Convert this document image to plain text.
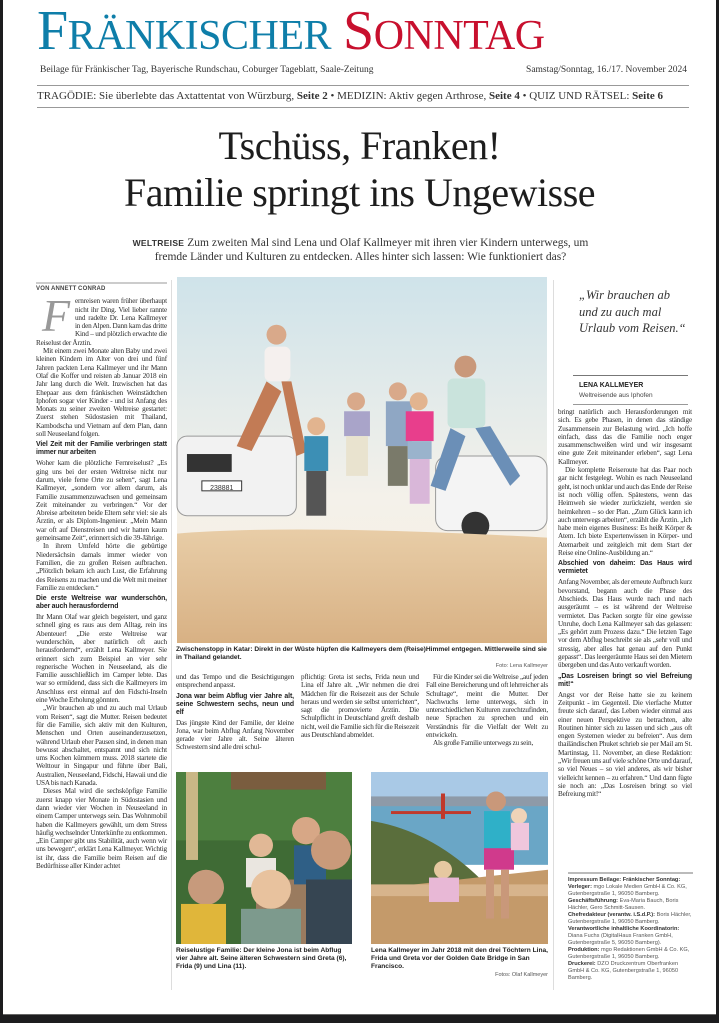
FRÄNKISCHER SONNTAG
Beilage für Fränkischer Tag, Bayerische Rundschau, Coburger Tageblatt, Saale-Zeitung	Samstag/Sonntag, 16./17. November 2024
TRAGÖDIE: Sie überlebte das Axtattentat von Würzburg, Seite 2 • MEDIZIN: Aktiv gegen Arthrose, Seite 4 • QUIZ UND RÄTSEL: Seite 6
Tschüss, Franken!
Familie springt ins Ungewisse
WELTREISE Zum zweiten Mal sind Lena und Olaf Kallmeyer mit ihren vier Kindern unterwegs, um fremde Länder und Kulturen zu entdecken. Alles hinter sich lassen: Wie funktioniert das?
VON ANNETT CONRAD
F ernreisen waren früher überhaupt nicht ihr Ding. Viel lieber rannte und radelte Dr. Lena Kallmeyer in den Alpen. Dann kam das dritte Kind – und plötzlich erwachte die Reiselust der Ärztin.

Mit einem zwei Monate alten Baby und zwei kleinen Kindern im Alter von drei und fünf Jahren packten Lena Kallmeyer und ihr Mann Olaf die Koffer und reisten ab Januar 2018 ein Jahr lang durch die Welt. Inzwischen hat das Ehepaar aus dem fränkischen Weinstädtchen Iphofen sogar vier Kinder - und ist Anfang des Monats zu seiner zweiten Weltreise gestartet: Zuerst stehen Südostasien mit Thailand, Kambodscha und Vietnam auf dem Plan, dann soll Neuseeland folgen.

Viel Zeit mit der Familie verbringen statt immer nur arbeiten

Woher kam die plötzliche Fernreiselust? „Es ging uns bei der ersten Weltreise nicht nur darum, viele ferne Orte zu sehen“, sagt Lena Kallmeyer, „sondern vor allem darum, als Familie zusammenzuwachsen und gemeinsam Zeit miteinander zu verbringen.“ Vor der Abreise arbeiteten beide Eltern sehr viel: sie als Ärztin, er als Diplom-Ingenieur. „Mein Mann war oft auf Dienstreisen und wir hatten kaum gemeinsame Zeit“, erinnert sich die 39-Jährige.

In ihrem Umfeld hörte die gebürtige Niedersächsin damals immer wieder von Familien, die zu großen Reisen aufbrachen. „Plötzlich bekam ich auch Lust, die Erfahrung des Reisens zu machen und die Welt mit meiner Familie zu entdecken.“

Die erste Weltreise war wunderschön, aber auch herausfordernd

Ihr Mann Olaf war gleich begeistert, und ganz schnell ging es raus aus dem Alltag, rein ins Abenteuer! „Die erste Weltreise war wunderschön, aber natürlich oft auch herausfordernd“, erzählt Lena Kallmeyer. Sie erinnert sich zum Beispiel an vier sehr regnerische Wochen in Neuseeland, als die Familie ausschließlich im Camper lebte. Das war so ermüdend, dass sich die Kallmeyers im Anschluss erst einmal auf den Fidschi-Inseln eine Woche Erholung gönnten.

„Wir brauchen ab und zu auch mal Urlaub vom Reisen“, sagt die Mutter. Reisen bedeutet für die Familie, sich aktiv mit den Kulturen, Menschen und Orten auseinanderzusetzen, während Urlaub eher Pausen sind, in denen man bewusst abschaltet, entspannt und sich nicht ums Kochen kümmern muss. 2018 startete die Welttour in Singapur und führte über Bali, Australien, Neuseeland, Fidschi, Hawaii und die USA bis nach Kanada.

Dieses Mal wird die sechsköpfige Familie zuerst knapp vier Monate in Südostasien und dann wieder vier Wochen in Neuseeland in einem Camper unterwegs sein. Das Wohnmobil haben die Kallmeyers gewählt, um dem Stress häufig wechselnder Unterkünfte zu entkommen. „Ein Camper gibt uns Stabilität, auch wenn wir uns bewegen“, erklärt Lena Kallmeyer. Wichtig ist ihr, dass die Familie beim Reisen auf die Bedürfnisse aller Kinder achtet

238881
Zwischenstopp in Katar: Direkt in der Wüste hüpfen die Kallmeyers dem (Reise)Himmel entgegen. Mittlerweile sind sie in Thailand gelandet.
Foto: Lena Kallmeyer

und das Tempo und die Besichtigungen entsprechend anpasst.

Jona war beim Abflug vier Jahre alt, seine Schwestern sechs, neun und elf

Das jüngste Kind der Familie, der kleine Jona, war beim Abflug Anfang November gerade vier Jahre alt. Seine älteren Schwestern sind alle drei schul-

pflichtig: Greta ist sechs, Frida neun und Lina elf Jahre alt. „Wir nehmen die drei Mädchen für die Reisezeit aus der Schule heraus und werden sie selbst unterrichten“, sagt die promovierte Ärztin. Die Schulpflicht in Deutschland greift deshalb nicht, weil die Familie sich für die Reisezeit aus Deutschland abmeldet.

Für die Kinder sei die Weltreise „auf jeden Fall eine Bereicherung und oft lehrreicher als Schultage“, meint die Mutter. Der Nachwuchs lerne unterwegs, sich in unterschiedlichen Kulturen zurechtzufinden, neue Sprachen zu sprechen und ein Verständnis für die Vielfalt der Welt zu entwickeln.

Als große Familie unterwegs zu sein,

Reiselustige Familie: Der kleine Jona ist beim Abflug vier Jahre alt. Seine älteren Schwestern sind Greta (6), Frida (9) und Lina (11).
Lena Kallmeyer im Jahr 2018 mit den drei Töchtern Lina, Frida und Greta vor der Golden Gate Bridge in San Francisco.
Fotos: Olaf Kallmeyer
„Wir brauchen ab und zu auch mal Urlaub vom Reisen.“
LENA KALLMEYER
Weltreisende aus Iphofen

bringt natürlich auch Herausforderungen mit sich. Es gebe Phasen, in denen das ständige Zusammensein zur Belastung wird. „Ich hoffe einfach, dass das die Familie noch enger zusammenschweißen wird und wir insgesamt eine gute Zeit miteinander erleben“, sagt Lena Kallmeyer.

Die komplette Reiseroute hat das Paar noch gar nicht festgelegt. Wohin es nach Neuseeland geht, ist noch unklar und auch das Ende der Reise ist noch völlig offen. Spätestens, wenn das Heimweh sie wieder zurückzieht, werden sie heimkehren – so der Plan. „Zum Glück kann ich auch unterwegs arbeiten“, erzählt die Ärztin. „Ich habe mein eigenes Business: Es heißt Körper & Atem. Ich biete Expertenwissen in Körper- und Atemarbeit und zeitgleich mit dem Start der Reise eine Online-Ausbildung an.“

Abschied von daheim: Das Haus wird vermietet

Anfang November, als der erneute Aufbruch kurz bevorstand, begann auch die Phase des Abschieds. Das Haus wurde nach und nach ausgeräumt – es ist während der Weltreise vermietet. Das Packen sorgte für eine gewisse Unruhe, doch Lena Kallmeyer sah das gelassen: „Es gehört zum Prozess dazu.“ Die letzten Tage vor dem Abflug beschreibt sie als „sehr voll und stressig, aber alles hat genau auf den Punkt gepasst“. Das leergeräumte Haus sei den Mietern übergeben und das Auto verkauft worden.

„Das Losreisen bringt so viel Befreiung mit!“

Angst vor der Reise hatte sie zu keinem Zeitpunkt - im Gegenteil. Die vierfache Mutter freute sich darauf, das Leben wieder einmal aus einer neuen Perspektive zu betrachten, alte Routinen hinter sich zu lassen und sich „aus oft engen Systemen wieder zu befreien“. Aus dem thailändischen Phuket schrieb sie per Mail am St. Martinstag, 11. November, an diese Redaktion: „Wir freuen uns auf viele schöne Orte und darauf, so viel Neues – so viel anderes, als wir bisher vielleicht kennen – zu erfahren.“ Und dann fügte sie noch an: „Das Losreisen bringt so viel Befreiung mit!“

Impressum Beilage: Fränkischer Sonntag:
Verleger: mgo Lokale Medien GmbH & Co. KG, Gutenbergstraße 1, 96050 Bamberg.
Geschäftsführung: Eva-Maria Bauch, Boris Hächler, Gero Schmitt-Sausen.
Chefredakteur (verantw. i.S.d.P.): Boris Hächler, Gutenbergstraße 1, 96050 Bamberg.
Verantwortliche inhaltliche Koordinatorin: Diana Fuchs (DigitalHaus Franken GmbH, Gutenbergstraße 5, 96050 Bamberg).
Produktion: mgo Redaktionen GmbH & Co. KG, Gutenbergstraße 1, 96050 Bamberg.
Druckerei: DZO Druckzentrum Oberfranken GmbH & Co. KG, Gutenbergstraße 1, 96050 Bamberg.
